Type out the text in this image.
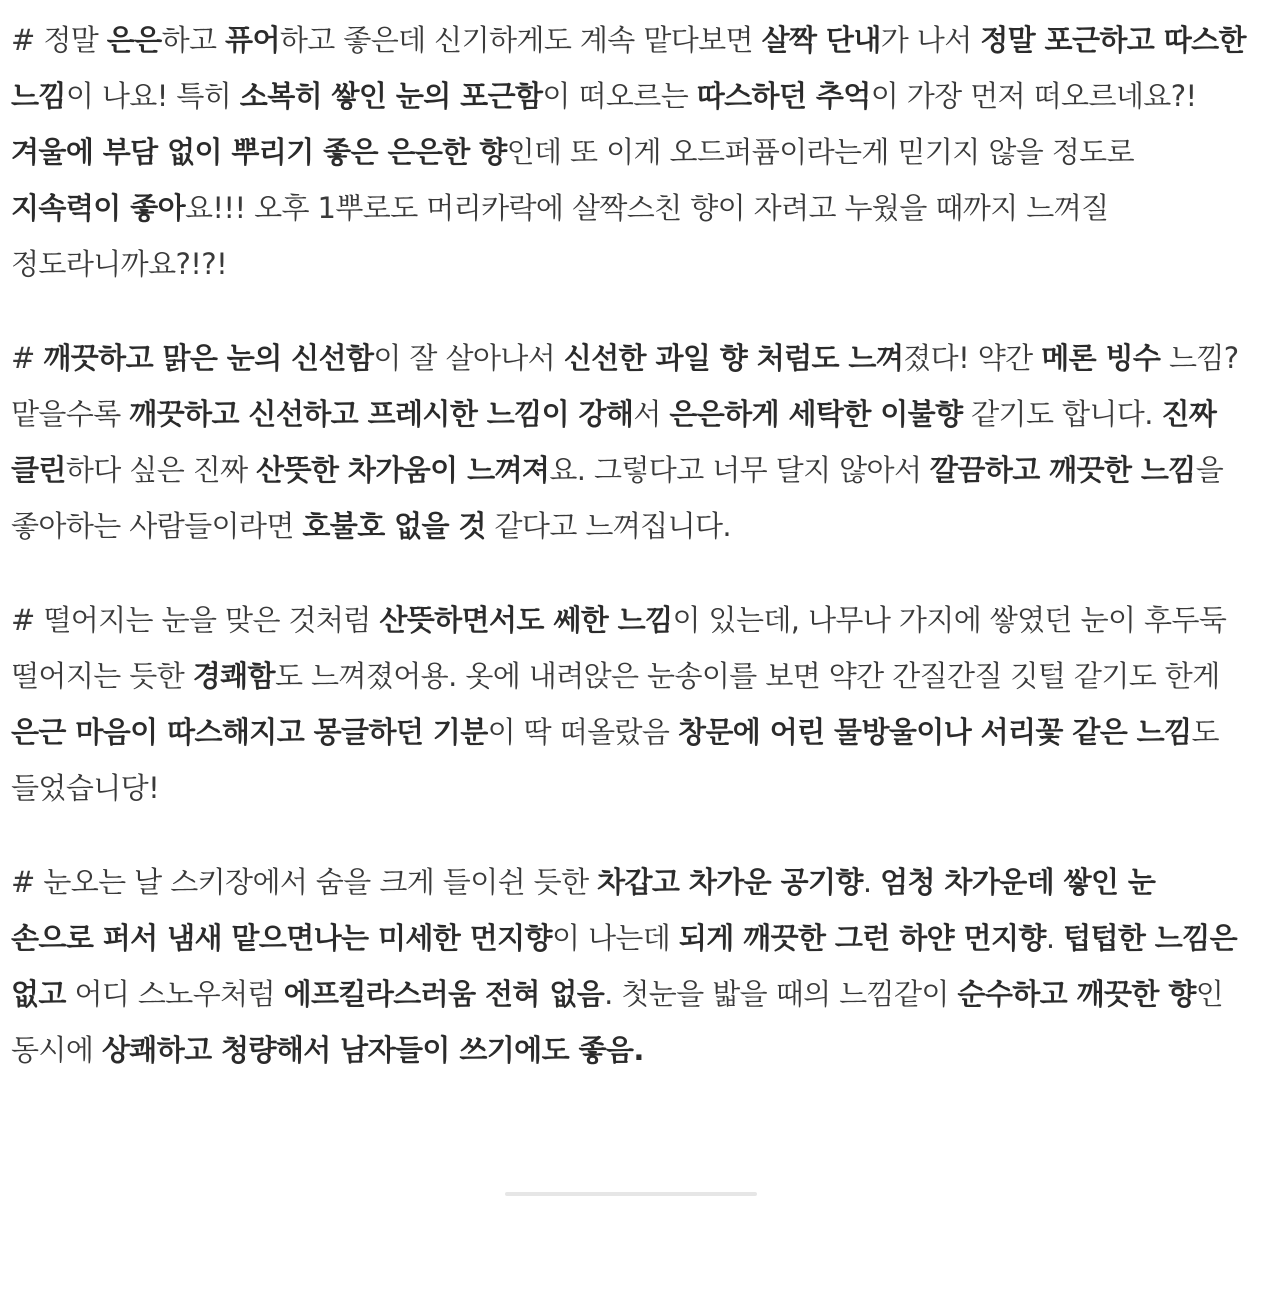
# 정말 은은하고 퓨어하고 좋은데 신기하게도 계속 맡다보면 살짝 단내가 나서 정말 포근하고 따스한 느낌이 나요! 특히 소복히 쌓인 눈의 포근함이 떠오르는 따스하던 추억이 가장 먼저 떠오르네요?! 겨울에 부담 없이 뿌리기 좋은 은은한 향인데 또 이게 오드퍼퓸이라는게 믿기지 않을 정도로 지속력이 좋아요!!! 오후 1뿌로도 머리카락에 살짝스친 향이 자려고 누웠을 때까지 느껴질 정도라니까요?!?!

# 깨끗하고 맑은 눈의 신선함이 잘 살아나서 신선한 과일 향 처럼도 느껴졌다! 약간 메론 빙수 느낌? 맡을수록 깨끗하고 신선하고 프레시한 느낌이 강해서 은은하게 세탁한 이불향 같기도 합니다. 진짜 클린하다 싶은 진짜 산뜻한 차가움이 느껴져요. 그렇다고 너무 달지 않아서 깔끔하고 깨끗한 느낌을 좋아하는 사람들이라면 호불호 없을 것 같다고 느껴집니다.

# 떨어지는 눈을 맞은 것처럼 산뜻하면서도 쎄한 느낌이 있는데, 나무나 가지에 쌓였던 눈이 후두둑 떨어지는 듯한 경쾌함도 느껴졌어용. 옷에 내려앉은 눈송이를 보면 약간 간질간질 깃털 같기도 한게 은근 마음이 따스해지고 몽글하던 기분이 딱 떠올랐음 창문에 어린 물방울이나 서리꽃 같은 느낌도 들었습니당!

# 눈오는 날 스키장에서 숨을 크게 들이쉰 듯한 차갑고 차가운 공기향. 엄청 차가운데 쌓인 눈 손으로 퍼서 냄새 맡으면나는 미세한 먼지향이 나는데 되게 깨끗한 그런 하얀 먼지향. 텁텁한 느낌은 없고 어디 스노우처럼 에프킬라스러움 전혀 없음. 첫눈을 밟을 때의 느낌같이 순수하고 깨끗한 향인 동시에 상쾌하고 청량해서 남자들이 쓰기에도 좋음.
